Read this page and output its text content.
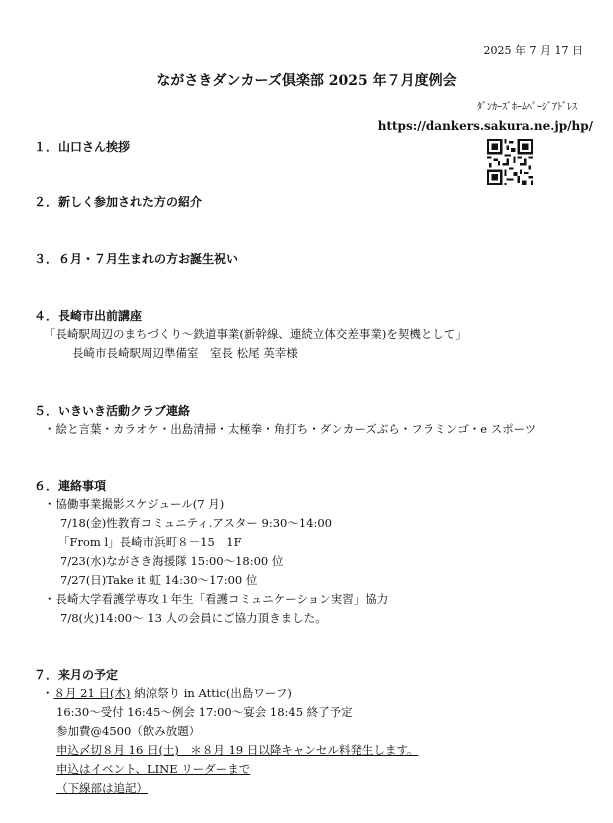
2025 年 7 月 17 日
ながさきダンカーズ倶楽部 2025 年７月度例会
ﾀﾞﾝｶｰｽﾞﾎｰﾑﾍﾟｰｼﾞｱﾄﾞﾚｽ
https://dankers.sakura.ne.jp/hp/
１．山口さん挨拶
２．新しく参加された方の紹介
３．６月・７月生まれの方お誕生祝い
４．長崎市出前講座
「長崎駅周辺のまちづくり～鉄道事業(新幹線、連続立体交差事業)を契機として」
長崎市長崎駅周辺準備室　室長 松尾 英幸様
５．いきいき活動クラブ連絡
・絵と言葉・カラオケ・出島清掃・太極拳・角打ち・ダンカーズぶら・フラミンゴ・e スポーツ
６．連絡事項
・協働事業撮影スケジュール(7 月)
7/18(金)性教育コミュニティ.アスター 9:30～14:00
「From l」長崎市浜町８－15　1F
7/23(水)ながさき海援隊 15:00～18:00 位
7/27(日)Take it 虹 14:30～17:00 位
・長崎大学看護学専攻１年生「看護コミュニケーション実習」協力
7/8(火)14:00～ 13 人の会員にご協力頂きました。
７．来月の予定
・８月 21 日(木) 納涼祭り in Attic(出島ワーフ)
16:30～受付 16:45～例会 17:00～宴会 18:45 終了予定
参加費@4500（飲み放題）
申込〆切８月 16 日(土)　＊８月 19 日以降キャンセル料発生します。
申込はイベント、LINE リーダーまで
（下線部は追記）
